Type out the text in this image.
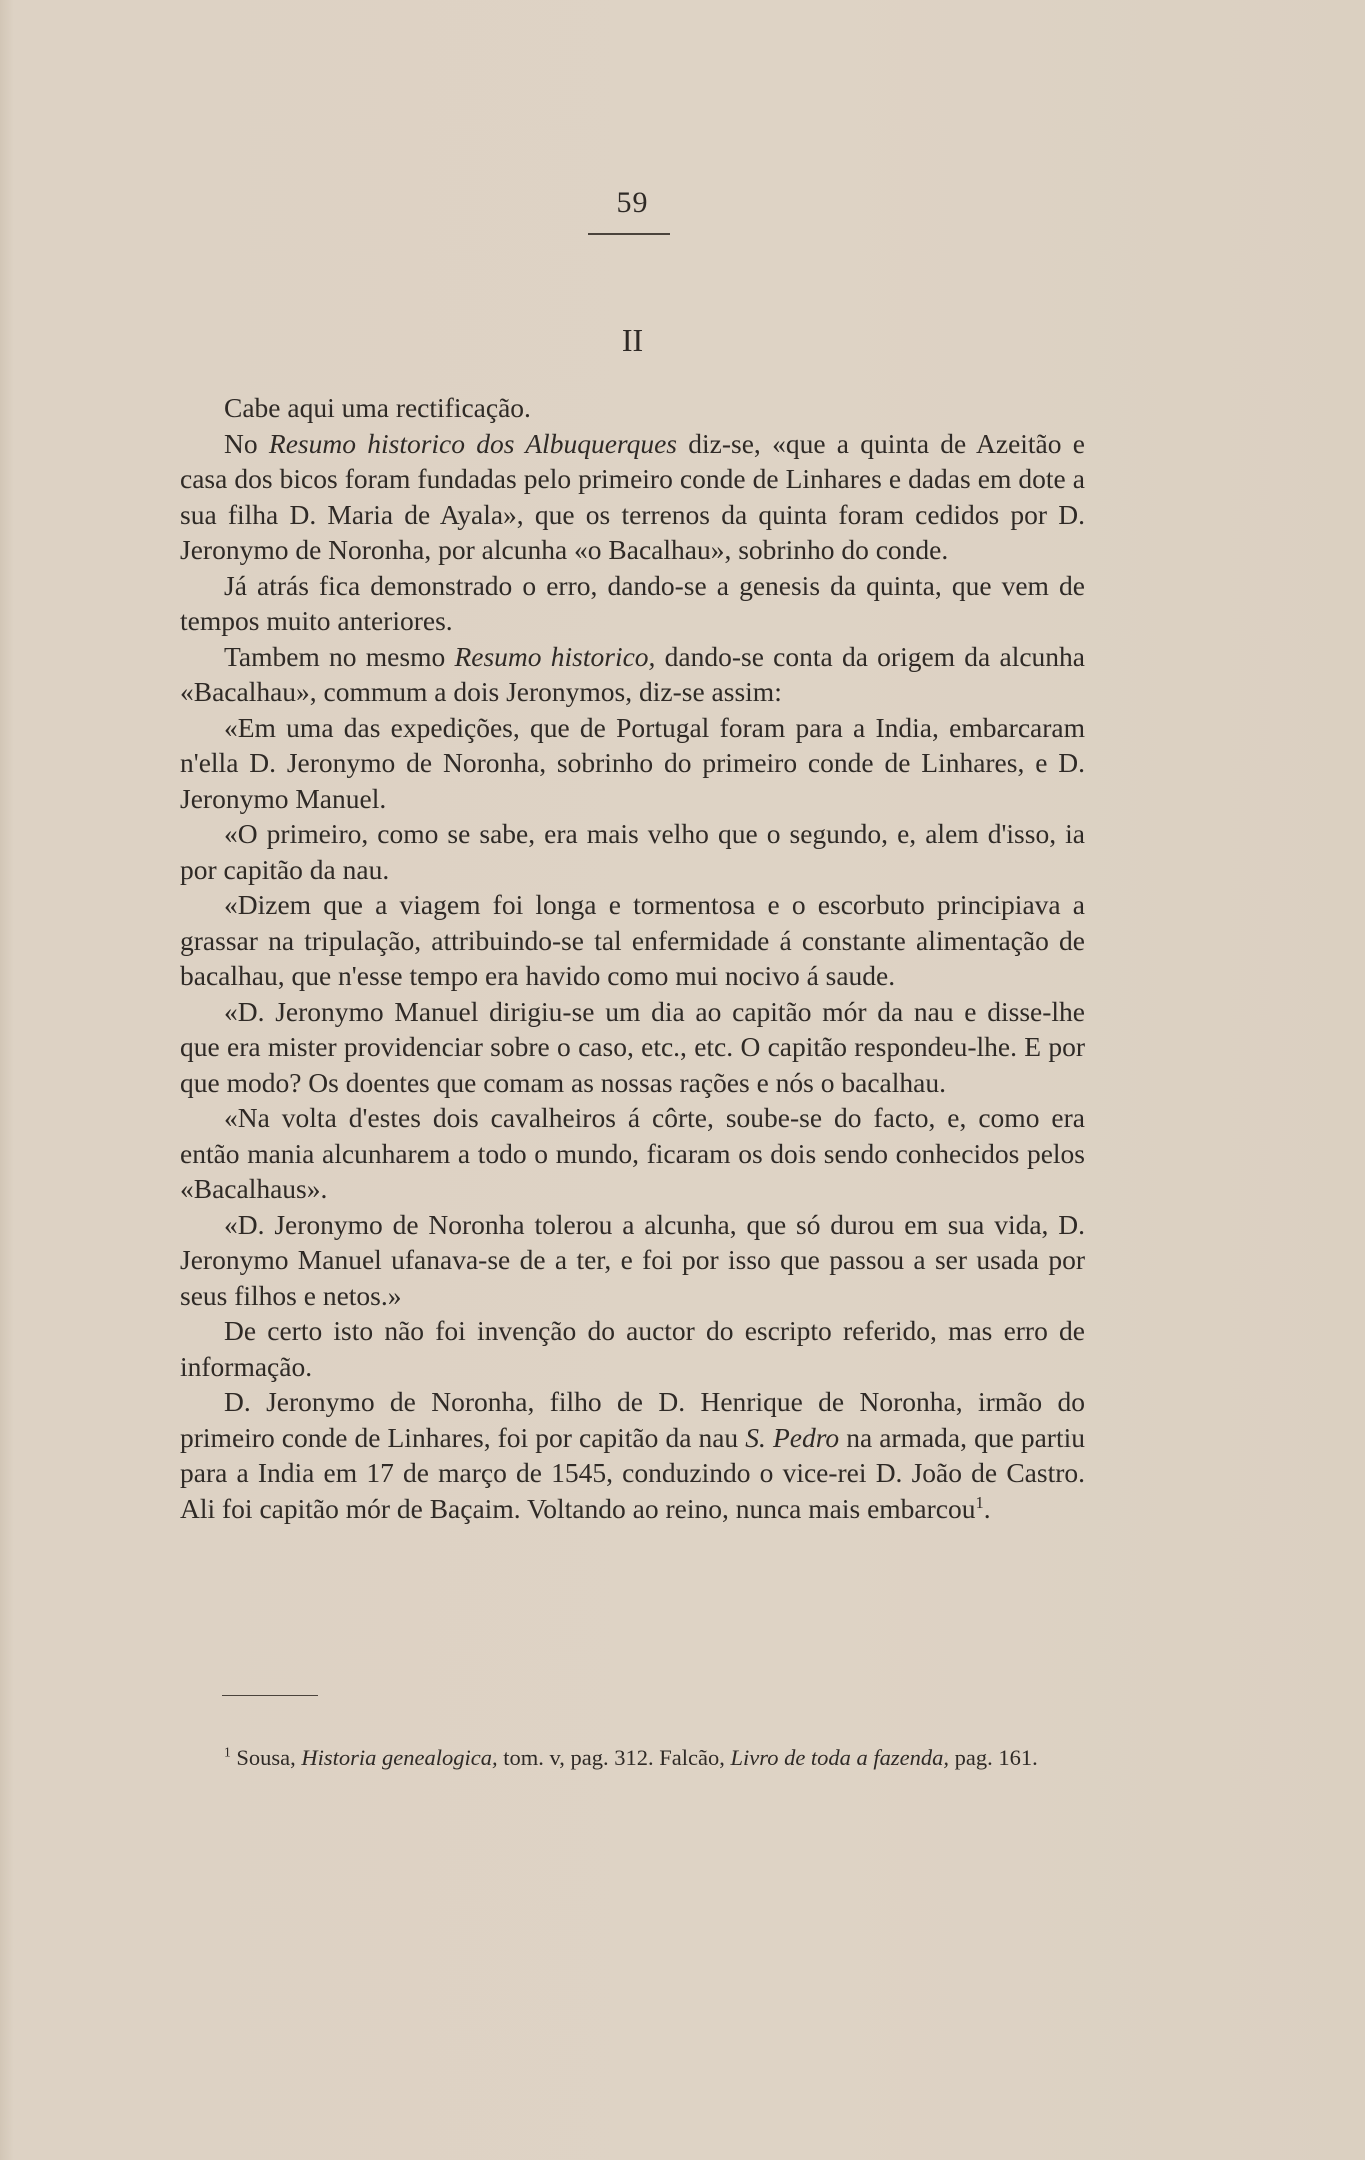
59
II

Cabe aqui uma rectificação.

No Resumo historico dos Albuquerques diz-se, «que a quinta de Azeitão e casa dos bicos foram fundadas pelo primeiro conde de Linhares e dadas em dote a sua filha D. Maria de Ayala», que os terrenos da quinta foram cedidos por D. Jeronymo de Noronha, por alcunha «o Bacalhau», sobrinho do conde.

Já atrás fica demonstrado o erro, dando-se a genesis da quinta, que vem de tempos muito anteriores.

Tambem no mesmo Resumo historico, dando-se conta da origem da alcunha «Bacalhau», commum a dois Jeronymos, diz-se assim:

«Em uma das expedições, que de Portugal foram para a India, embarcaram n'ella D. Jeronymo de Noronha, sobrinho do primeiro conde de Linhares, e D. Jeronymo Manuel.

«O primeiro, como se sabe, era mais velho que o segundo, e, alem d'isso, ia por capitão da nau.

«Dizem que a viagem foi longa e tormentosa e o escorbuto principiava a grassar na tripulação, attribuindo-se tal enfermidade á constante alimentação de bacalhau, que n'esse tempo era havido como mui nocivo á saude.

«D. Jeronymo Manuel dirigiu-se um dia ao capitão mór da nau e disse-lhe que era mister providenciar sobre o caso, etc., etc. O capitão respondeu-lhe. E por que modo? Os doentes que comam as nossas rações e nós o bacalhau.

«Na volta d'estes dois cavalheiros á côrte, soube-se do facto, e, como era então mania alcunharem a todo o mundo, ficaram os dois sendo conhecidos pelos «Bacalhaus».

«D. Jeronymo de Noronha tolerou a alcunha, que só durou em sua vida, D. Jeronymo Manuel ufanava-se de a ter, e foi por isso que passou a ser usada por seus filhos e netos.»

De certo isto não foi invenção do auctor do escripto referido, mas erro de informação.

D. Jeronymo de Noronha, filho de D. Henrique de Noronha, irmão do primeiro conde de Linhares, foi por capitão da nau S. Pedro na armada, que partiu para a India em 17 de março de 1545, conduzindo o vice-rei D. João de Castro. Ali foi capitão mór de Baçaim. Voltando ao reino, nunca mais embarcou$^1$.

$^1$ Sousa, Historia genealogica, tom. v, pag. 312. Falcão, Livro de toda a fazenda, pag. 161.
